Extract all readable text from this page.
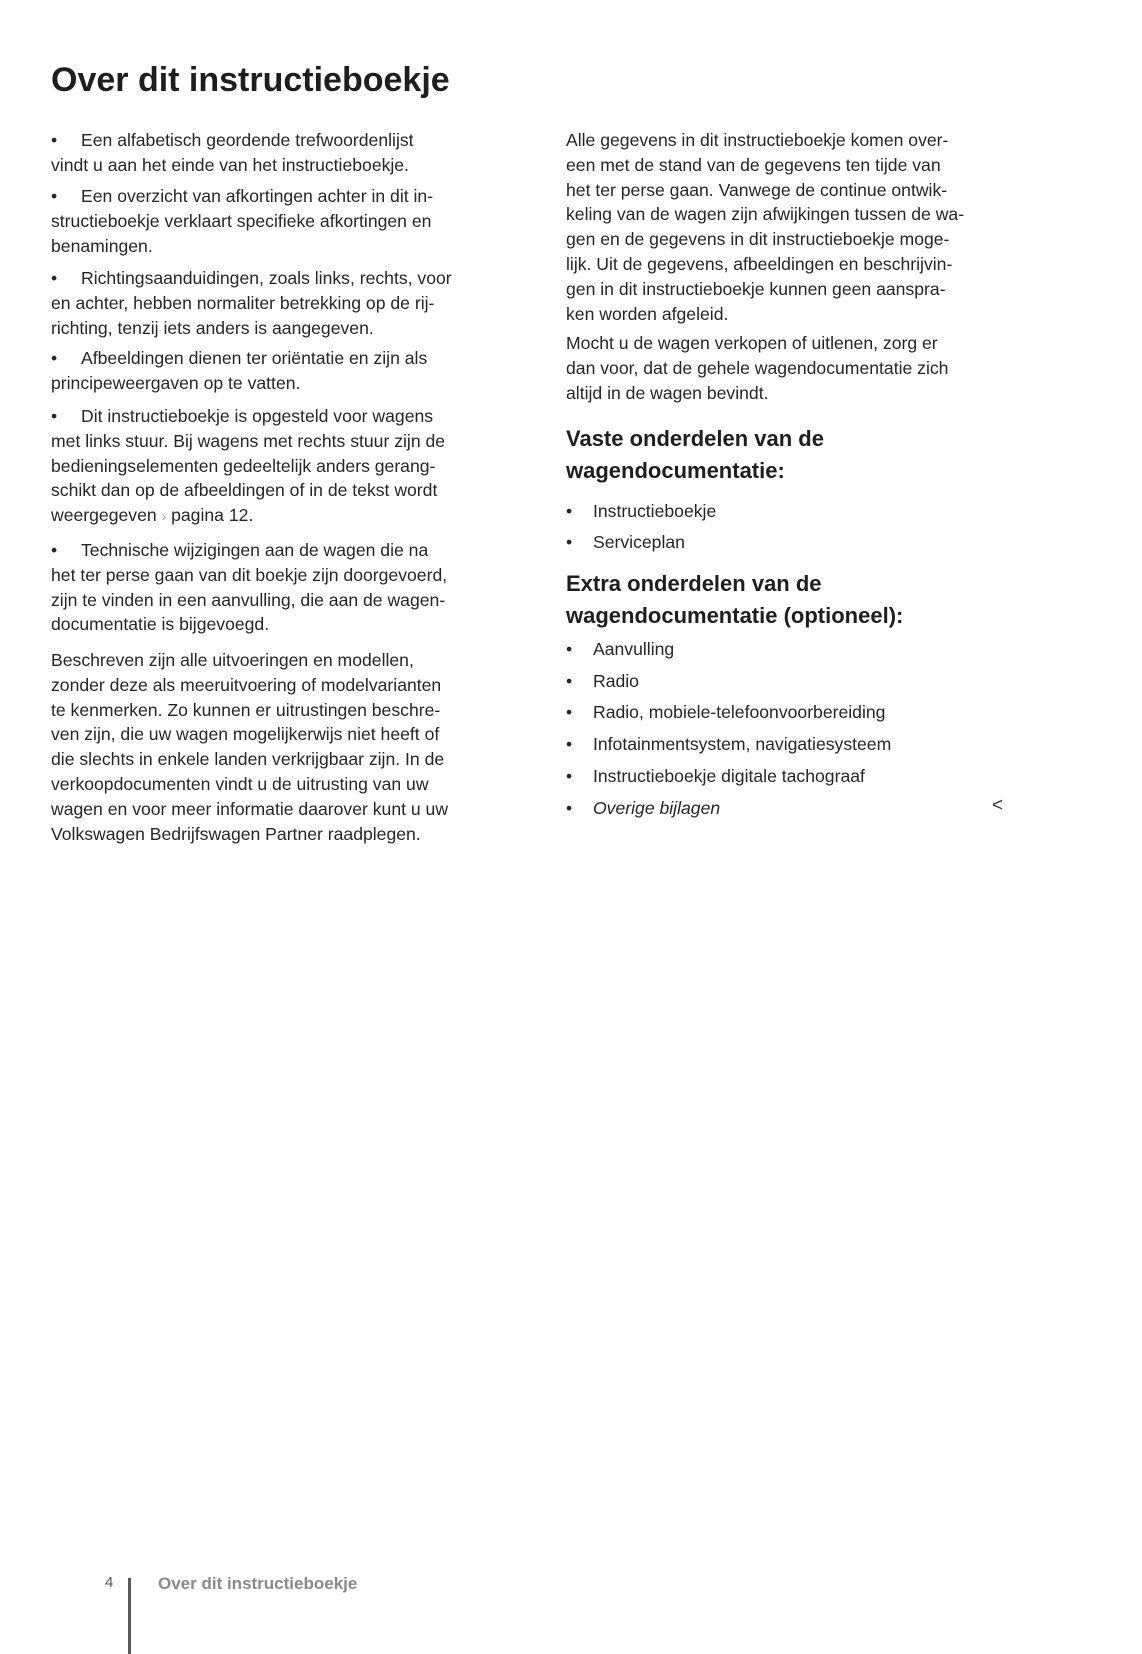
Over dit instructieboekje
• Een alfabetisch geordende trefwoordenlijst
vindt u aan het einde van het instructieboekje.
• Een overzicht van afkortingen achter in dit in-
structieboekje verklaart specifieke afkortingen en
benamingen.
• Richtingsaanduidingen, zoals links, rechts, voor
en achter, hebben normaliter betrekking op de rij-
richting, tenzij iets anders is aangegeven.
• Afbeeldingen dienen ter oriëntatie en zijn als
principeweergaven op te vatten.
• Dit instructieboekje is opgesteld voor wagens
met links stuur. Bij wagens met rechts stuur zijn de
bedieningselementen gedeeltelijk anders gerang-
schikt dan op de afbeeldingen of in de tekst wordt
weergegeven › pagina 12.
• Technische wijzigingen aan de wagen die na
het ter perse gaan van dit boekje zijn doorgevoerd,
zijn te vinden in een aanvulling, die aan de wagen-
documentatie is bijgevoegd.
Beschreven zijn alle uitvoeringen en modellen,
zonder deze als meeruitvoering of modelvarianten
te kenmerken. Zo kunnen er uitrustingen beschre-
ven zijn, die uw wagen mogelijkerwijs niet heeft of
die slechts in enkele landen verkrijgbaar zijn. In de
verkoopdocumenten vindt u de uitrusting van uw
wagen en voor meer informatie daarover kunt u uw
Volkswagen Bedrijfswagen Partner raadplegen.
Alle gegevens in dit instructieboekje komen over-
een met de stand van de gegevens ten tijde van
het ter perse gaan. Vanwege de continue ontwik-
keling van de wagen zijn afwijkingen tussen de wa-
gen en de gegevens in dit instructieboekje moge-
lijk. Uit de gegevens, afbeeldingen en beschrijvin-
gen in dit instructieboekje kunnen geen aanspra-
ken worden afgeleid.
Mocht u de wagen verkopen of uitlenen, zorg er
dan voor, dat de gehele wagendocumentatie zich
altijd in de wagen bevindt.
Vaste onderdelen van de
wagendocumentatie:
• Instructieboekje
• Serviceplan
Extra onderdelen van de
wagendocumentatie (optioneel):
• Aanvulling
• Radio
• Radio, mobiele-telefoonvoorbereiding
• Infotainmentsystem, navigatiesysteem
• Instructieboekje digitale tachograaf
• Overige bijlagen	<
4	Over dit instructieboekje
